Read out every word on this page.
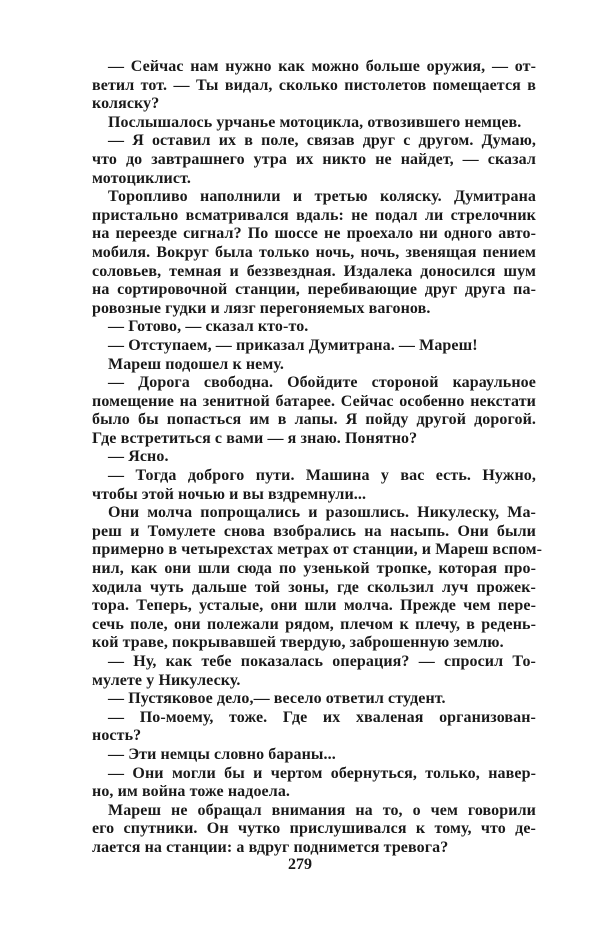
— Сейчас нам нужно как можно больше оружия, — от-
ветил тот. — Ты видал, сколько пистолетов помещается в
коляску?
Послышалось урчанье мотоцикла, отвозившего немцев.
— Я оставил их в поле, связав друг с другом. Думаю,
что до завтрашнего утра их никто не найдет, — сказал
мотоциклист.
Торопливо наполнили и третью коляску. Думитрана
пристально всматривался вдаль: не подал ли стрелочник
на переезде сигнал? По шоссе не проехало ни одного авто-
мобиля. Вокруг была только ночь, ночь, звенящая пением
соловьев, темная и беззвездная. Издалека доносился шум
на сортировочной станции, перебивающие друг друга па-
ровозные гудки и лязг перегоняемых вагонов.
— Готово, — сказал кто-то.
— Отступаем, — приказал Думитрана. — Мареш!
Мареш подошел к нему.
— Дорога свободна. Обойдите стороной караульное
помещение на зенитной батарее. Сейчас особенно некстати
было бы попасться им в лапы. Я пойду другой дорогой.
Где встретиться с вами — я знаю. Понятно?
— Ясно.
— Тогда доброго пути. Машина у вас есть. Нужно,
чтобы этой ночью и вы вздремнули...
Они молча попрощались и разошлись. Никулеску, Ма-
реш и Томулете снова взобрались на насыпь. Они были
примерно в четырехстах метрах от станции, и Мареш вспом-
нил, как они шли сюда по узенькой тропке, которая про-
ходила чуть дальше той зоны, где скользил луч прожек-
тора. Теперь, усталые, они шли молча. Прежде чем пере-
сечь поле, они полежали рядом, плечом к плечу, в редень-
кой траве, покрывавшей твердую, заброшенную землю.
— Ну, как тебе показалась операция? — спросил То-
мулете у Никулеску.
— Пустяковое дело,— весело ответил студент.
— По-моему, тоже. Где их хваленая организован-
ность?
— Эти немцы словно бараны...
— Они могли бы и чертом обернуться, только, навер-
но, им война тоже надоела.
Мареш не обращал внимания на то, о чем говорили
его спутники. Он чутко прислушивался к тому, что де-
лается на станции: а вдруг поднимется тревога?
279
